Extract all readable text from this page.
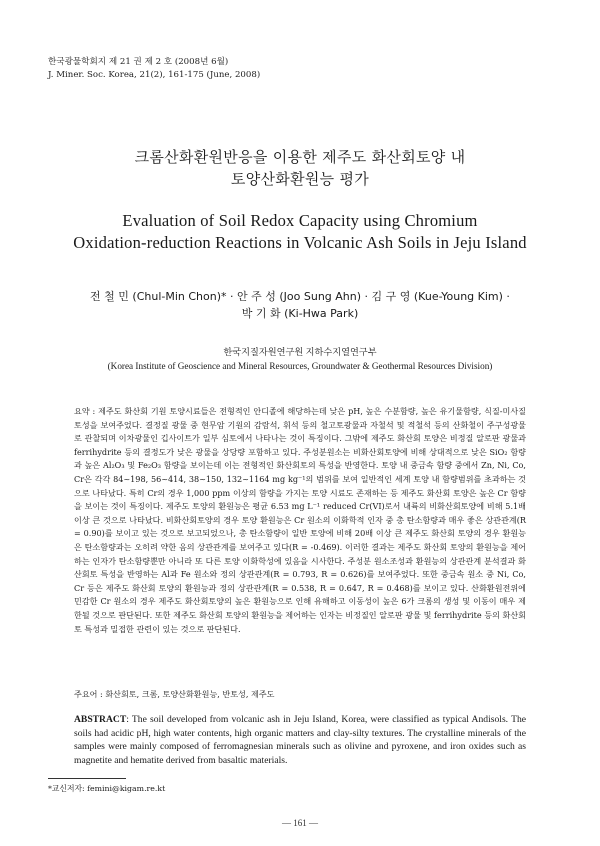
한국광물학회지 제 21 권 제 2 호 (2008년 6월)
J. Miner. Soc. Korea, 21(2), 161-175 (June, 2008)
크롬산화환원반응을 이용한 제주도 화산회토양 내
토양산화환원능 평가
Evaluation of Soil Redox Capacity using Chromium
Oxidation-reduction Reactions in Volcanic Ash Soils in Jeju Island
전 철 민 (Chul-Min Chon)* · 안 주 성 (Joo Sung Ahn) · 김 구 영 (Kue-Young Kim) ·
박 기 화 (Ki-Hwa Park)
한국지질자원연구원 지하수지열연구부
(Korea Institute of Geoscience and Mineral Resources, Groundwater & Geothermal Resources Division)
요약 : 제주도 화산회 기원 토양시료들은 전형적인 안디졸에 해당하는데 낮은 pH, 높은 수분함량, 높은 유기물함량, 식질-미사질 토성을 보여주었다. 결정질 광물 중 현무암 기원의 감람석, 휘석 등의 철고토광물과 자철석 및 적철석 등의 산화철이 주구성광물로 관찰되며 이차광물인 깁사이트가 일부 심토에서 나타나는 것이 특징이다. 그밖에 제주도 화산회 토양은 비정질 알로판 광물과 ferrihydrite 등의 결정도가 낮은 광물을 상당량 포함하고 있다. 주성분원소는 비화산회토양에 비해 상대적으로 낮은 SiO₂ 함량과 높은 Al₂O₃ 및 Fe₂O₃ 함량을 보이는데 이는 전형적인 화산회토의 특성을 반영한다. 토양 내 중금속 함량 중에서 Zn, Ni, Co, Cr은 각각 84~198, 56~414, 38~150, 132~1164 mg kg⁻¹의 범위를 보여 일반적인 세계 토양 내 함량범위를 초과하는 것으로 나타났다. 특히 Cr의 경우 1,000 ppm 이상의 함량을 가지는 토양 시료도 존재하는 등 제주도 화산회 토양은 높은 Cr 함량을 보이는 것이 특징이다. 제주도 토양의 환원능은 평균 6.53 mg L⁻¹ reduced Cr(VI)로서 내륙의 비화산회토양에 비해 5.1배 이상 큰 것으로 나타났다. 비화산회토양의 경우 토양 환원능은 Cr 원소의 이화학적 인자 중 총 탄소함량과 매우 좋은 상관관계(R = 0.90)를 보이고 있는 것으로 보고되었으나, 총 탄소함량이 일반 토양에 비해 20배 이상 큰 제주도 화산회 토양의 경우 환원능은 탄소함량과는 오히려 약한 음의 상관관계를 보여주고 있다(R = -0.469). 이러한 결과는 제주도 화산회 토양의 환원능을 제어하는 인자가 탄소함량뿐만 아니라 또 다른 토양 이화학성에 있음을 시사한다. 주성분 원소조성과 환원능의 상관관계 분석결과 화산회토 특성을 반영하는 Al과 Fe 원소와 정의 상관관계(R = 0.793, R = 0.626)를 보여주었다. 또한 중금속 원소 중 Ni, Co, Cr 등은 제주도 화산회 토양의 환원능과 정의 상관관계(R = 0.538, R = 0.647, R = 0.468)를 보이고 있다. 산화환원전위에 민감한 Cr 원소의 경우 제주도 화산회토양의 높은 환원능으로 인해 유해하고 이동성이 높은 6가 크롬의 생성 및 이동이 매우 제한될 것으로 판단된다. 또한 제주도 화산회 토양의 환원능을 제어하는 인자는 비정질인 알로판 광물 및 ferrihydrite 등의 화산회토 특성과 밀접한 관련이 있는 것으로 판단된다.
주요어 : 화산회토, 크롬, 토양산화환원능, 반토성, 제주도
ABSTRACT: The soil developed from volcanic ash in Jeju Island, Korea, were classified as typical Andisols. The soils had acidic pH, high water contents, high organic matters and clay-silty textures. The crystalline minerals of the samples were mainly composed of ferromagnesian minerals such as olivine and pyroxene, and iron oxides such as magnetite and hematite derived from basaltic materials.
*교신저자: femini@kigam.re.kt
— 161 —
